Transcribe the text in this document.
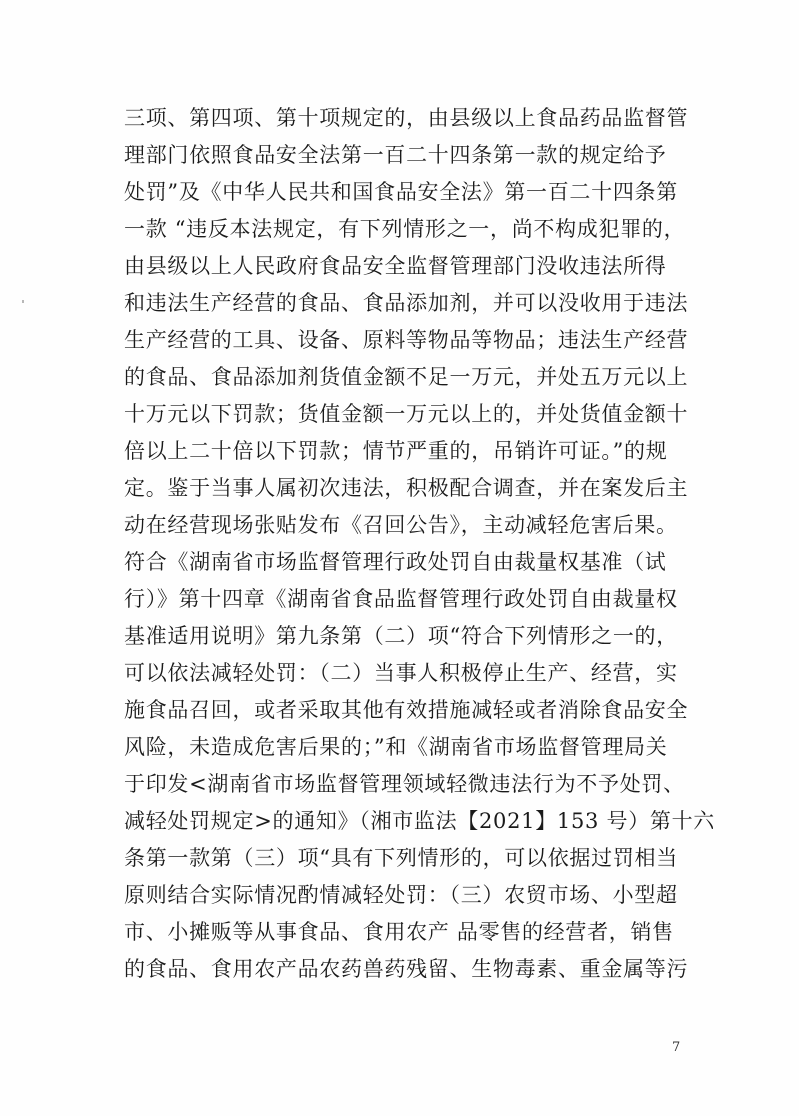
三项、第四项、第十项规定的，由县级以上食品药品监督管
理部门依照食品安全法第一百二十四条第一款的规定给予
处罚”及《中华人民共和国食品安全法》第一百二十四条第
一款 “违反本法规定，有下列情形之一，尚不构成犯罪的，
由县级以上人民政府食品安全监督管理部门没收违法所得
和违法生产经营的食品、食品添加剂，并可以没收用于违法
生产经营的工具、设备、原料等物品等物品；违法生产经营
的食品、食品添加剂货值金额不足一万元，并处五万元以上
十万元以下罚款；货值金额一万元以上的，并处货值金额十
倍以上二十倍以下罚款；情节严重的，吊销许可证。”的规
定。鉴于当事人属初次违法，积极配合调查，并在案发后主
动在经营现场张贴发布《召回公告》，主动减轻危害后果。
符合《湖南省市场监督管理行政处罚自由裁量权基准（试
行）》第十四章《湖南省食品监督管理行政处罚自由裁量权
基准适用说明》第九条第（二）项“符合下列情形之一的，
可以依法减轻处罚：（二）当事人积极停止生产、经营，实
施食品召回，或者采取其他有效措施减轻或者消除食品安全
风险，未造成危害后果的；”和《湖南省市场监督管理局关
于印发<湖南省市场监督管理领域轻微违法行为不予处罚、
减轻处罚规定>的通知》（湘市监法【2021】153 号）第十六
条第一款第（三）项“具有下列情形的，可以依据过罚相当
原则结合实际情况酌情减轻处罚：（三）农贸市场、小型超
市、小摊贩等从事食品、食用农产 品零售的经营者，销售
的食品、食用农产品农药兽药残留、生物毒素、重金属等污
7
